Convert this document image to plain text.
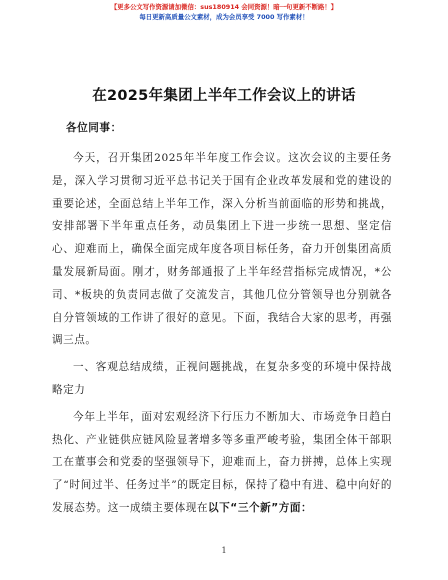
【更多公文写作资源请加微信：sus180914 会同资源！暗一句更新不断路！】
每日更新高质量公文素材，成为会员享受 7000 写作素材！
在2025年集团上半年工作会议上的讲话
各位同事：

今天，召开集团2025年半年度工作会议。这次会议的主要任务是，深入学习贯彻习近平总书记关于国有企业改革发展和党的建设的重要论述，全面总结上半年工作，深入分析当前面临的形势和挑战，安排部署下半年重点任务，动员集团上下进一步统一思想、坚定信心、迎难而上，确保全面完成年度各项目标任务，奋力开创集团高质量发展新局面。刚才，财务部通报了上半年经营指标完成情况，*公司、*板块的负责同志做了交流发言，其他几位分管领导也分别就各自分管领域的工作讲了很好的意见。下面，我结合大家的思考，再强调三点。

一、客观总结成绩，正视问题挑战，在复杂多变的环境中保持战略定力

今年上半年，面对宏观经济下行压力不断加大、市场竞争日趋白热化、产业链供应链风险显著增多等多重严峻考验，集团全体干部职工在董事会和党委的坚强领导下，迎难而上，奋力拼搏，总体上实现了“时间过半、任务过半”的既定目标，保持了稳中有进、稳中向好的发展态势。这一成绩主要体现在以下“三个新”方面：

1
